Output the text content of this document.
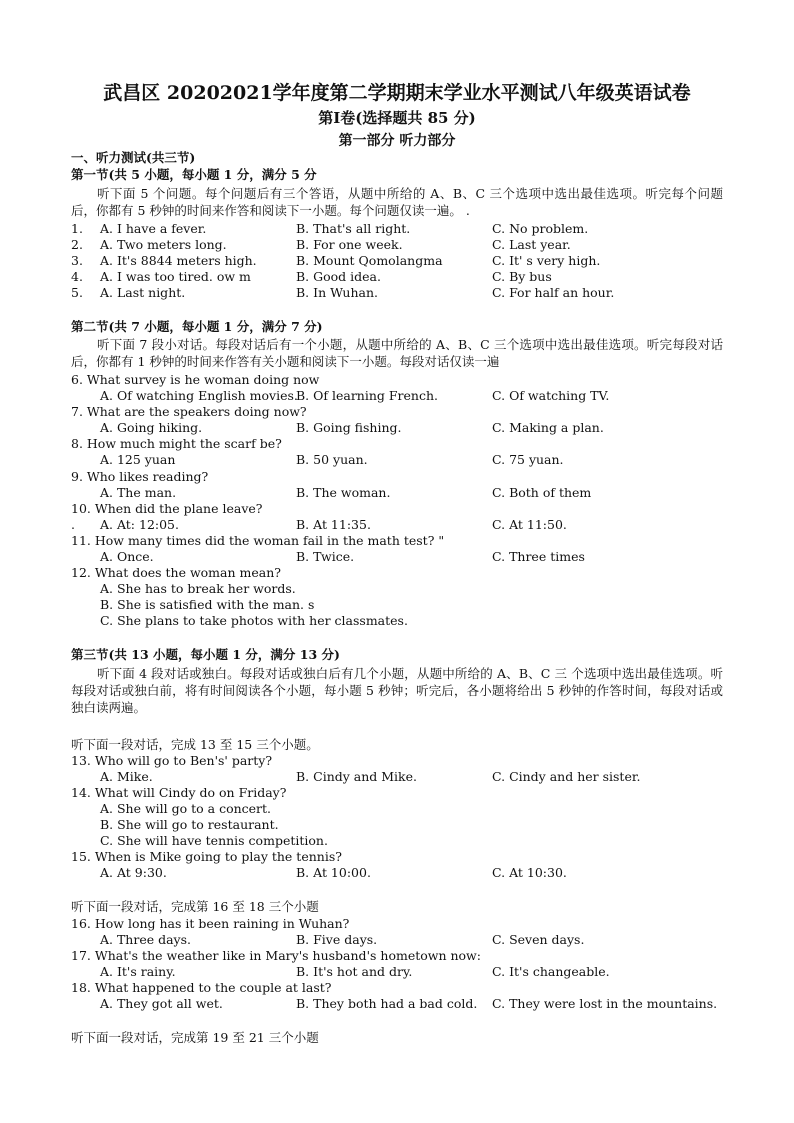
武昌区 20202021学年度第二学期期末学业水平测试八年级英语试卷
第Ⅰ卷(选择题共 85 分)
第一部分 听力部分
一、听力测试(共三节)
第一节(共 5 小题，每小题 1 分，满分 5 分
听下面 5 个问题。每个问题后有三个答语，从题中所给的 A、B、C 三个选项中选出最佳选项。听完每个问题后，你都有 5 秒钟的时间来作答和阅读下一小题。每个问题仅读一遍。 .
1. A. I have a fever.	B. That's all right.	C. No problem.
2. A. Two meters long.	B. For one week.	C. Last year.
3. A. It's 8844 meters high.	B. Mount Qomolangma	C. It' s very high.
4. A. I was too tired. ow m	B. Good idea.	C. By bus
5. A. Last night.	B. In Wuhan.	C. For half an hour.
第二节(共 7 小题，每小题 1 分，满分 7 分)
听下面 7 段小对话。每段对话后有一个小题，从题中所给的 A、B、C 三个选项中选出最佳选项。听完每段对话后，你都有 1 秒钟的时间来作答有关小题和阅读下一小题。每段对话仅读一遍
6. What survey is he woman doing now
A. Of watching English movies.
B. Of learning French.	C. Of watching TV.
7. What are the speakers doing now?
A. Going hiking.	B. Going fishing.	C. Making a plan.
8. How much might the scarf be?
A. 125 yuan	B. 50 yuan.	C. 75 yuan.
9. Who likes reading?
A. The man.	B. The woman.	C. Both of them
10. When did the plane leave?
. A. At: 12:05.	B. At 11:35.	C. At 11:50.
11. How many times did the woman fail in the math test? "
A. Once.	B. Twice.	C. Three times
12. What does the woman mean?
A. She has to break her words.
B. She is satisfied with the man. s
C. She plans to take photos with her classmates.
第三节(共 13 小题，每小题 1 分，满分 13 分)
听下面 4 段对话或独白。每段对话或独白后有几个小题，从题中所给的 A、B、C 三 个选项中选出最佳选项。听每段对话或独白前，将有时间阅读各个小题，每小题 5 秒钟；听完后，各小题将给出 5 秒钟的作答时间，每段对话或独白读两遍。
听下面一段对话，完成 13 至 15 三个小题。
13. Who will go to Ben's' party?
A. Mike.	B. Cindy and Mike.	C. Cindy and her sister.
14. What will Cindy do on Friday?
A. She will go to a concert.
B. She will go to restaurant.
C. She will have tennis competition.
15. When is Mike going to play the tennis?
A. At 9:30.	B. At 10:00.	C. At 10:30.
听下面一段对话，完成第 16 至 18 三个小题
16. How long has it been raining in Wuhan?
A. Three days.	B. Five days.	C. Seven days.
17. What's the weather like in Mary's husband's hometown now:
A. It's rainy.	B. It's hot and dry.	C. It's changeable.
18. What happened to the couple at last?
A. They got all wet.	B. They both had a bad cold. C. They were lost in the mountains.
听下面一段对话，完成第 19 至 21 三个小题
